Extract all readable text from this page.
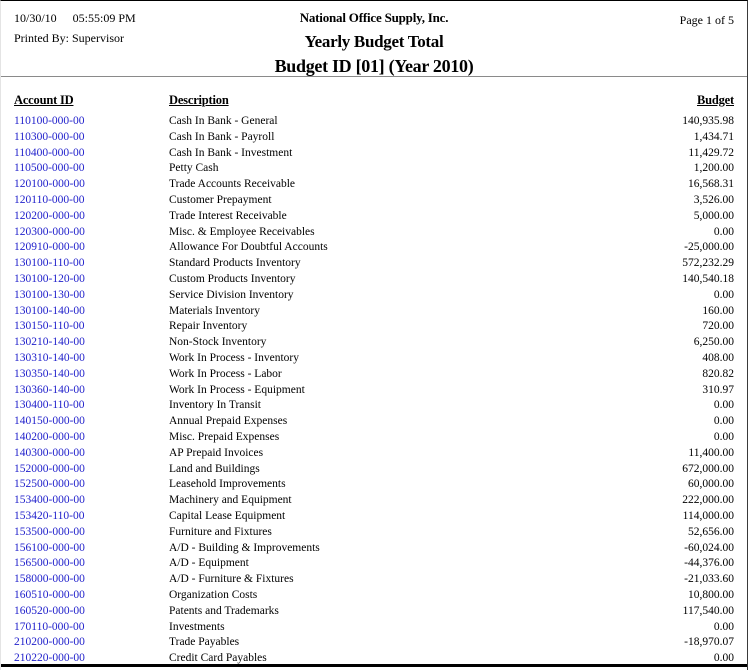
10/30/10 05:55:09 PM
Printed By: Supervisor
National Office Supply, Inc.
Yearly Budget Total
Budget ID [01] (Year 2010)
Page 1 of 5
Account ID	Description	Budget
110100-000-00	Cash In Bank - General	140,935.98
110300-000-00	Cash In Bank - Payroll	1,434.71
110400-000-00	Cash In Bank - Investment	11,429.72
110500-000-00	Petty Cash	1,200.00
120100-000-00	Trade Accounts Receivable	16,568.31
120110-000-00	Customer Prepayment	3,526.00
120200-000-00	Trade Interest Receivable	5,000.00
120300-000-00	Misc. & Employee Receivables	0.00
120910-000-00	Allowance For Doubtful Accounts	-25,000.00
130100-110-00	Standard Products Inventory	572,232.29
130100-120-00	Custom Products Inventory	140,540.18
130100-130-00	Service Division Inventory	0.00
130100-140-00	Materials Inventory	160.00
130150-110-00	Repair Inventory	720.00
130210-140-00	Non-Stock Inventory	6,250.00
130310-140-00	Work In Process - Inventory	408.00
130350-140-00	Work In Process - Labor	820.82
130360-140-00	Work In Process - Equipment	310.97
130400-110-00	Inventory In Transit	0.00
140150-000-00	Annual Prepaid Expenses	0.00
140200-000-00	Misc. Prepaid Expenses	0.00
140300-000-00	AP Prepaid Invoices	11,400.00
152000-000-00	Land and Buildings	672,000.00
152500-000-00	Leasehold Improvements	60,000.00
153400-000-00	Machinery and Equipment	222,000.00
153420-110-00	Capital Lease Equipment	114,000.00
153500-000-00	Furniture and Fixtures	52,656.00
156100-000-00	A/D - Building & Improvements	-60,024.00
156500-000-00	A/D - Equipment	-44,376.00
158000-000-00	A/D - Furniture & Fixtures	-21,033.60
160510-000-00	Organization Costs	10,800.00
160520-000-00	Patents and Trademarks	117,540.00
170110-000-00	Investments	0.00
210200-000-00	Trade Payables	-18,970.07
210220-000-00	Credit Card Payables	0.00
